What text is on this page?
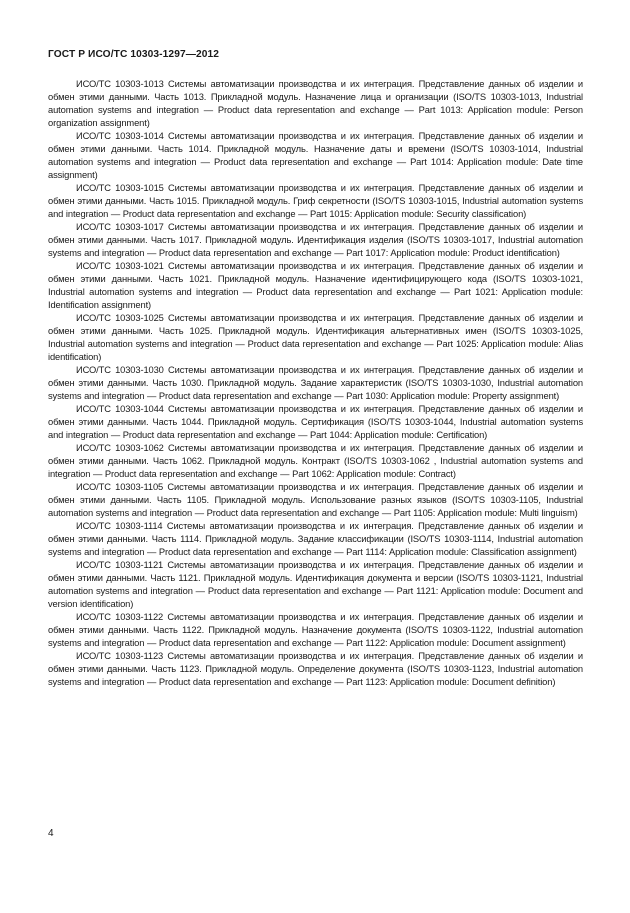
ГОСТ Р ИСО/ТС 10303-1297—2012

ИСО/ТС 10303-1013 Системы автоматизации производства и их интеграция. Представление данных об изделии и обмен этими данными. Часть 1013. Прикладной модуль. Назначение лица и организации (ISO/TS 10303-1013, Industrial automation systems and integration — Product data representation and exchange — Part 1013: Application module: Person organization assignment)

ИСО/ТС 10303-1014 Системы автоматизации производства и их интеграция. Представление данных об изделии и обмен этими данными. Часть 1014. Прикладной модуль. Назначение даты и времени (ISO/TS 10303-1014, Industrial automation systems and integration — Product data representation and exchange — Part 1014: Application module: Date time assignment)

ИСО/ТС 10303-1015 Системы автоматизации производства и их интеграция. Представление данных об изделии и обмен этими данными. Часть 1015. Прикладной модуль. Гриф секретности (ISO/TS 10303-1015, Industrial automation systems and integration — Product data representation and exchange — Part 1015: Application module: Security classification)

ИСО/ТС 10303-1017 Системы автоматизации производства и их интеграция. Представление данных об изделии и обмен этими данными. Часть 1017. Прикладной модуль. Идентификация изделия (ISO/TS 10303-1017, Industrial automation systems and integration — Product data representation and exchange — Part 1017: Application module: Product identification)

ИСО/ТС 10303-1021 Системы автоматизации производства и их интеграция. Представление данных об изделии и обмен этими данными. Часть 1021. Прикладной модуль. Назначение идентифицирующего кода (ISO/TS 10303-1021, Industrial automation systems and integration — Product data representation and exchange — Part 1021: Application module: Identification assignment)

ИСО/ТС 10303-1025 Системы автоматизации производства и их интеграция. Представление данных об изделии и обмен этими данными. Часть 1025. Прикладной модуль. Идентификация альтернативных имен (ISO/TS 10303-1025, Industrial automation systems and integration — Product data representation and exchange — Part 1025: Application module: Alias identification)

ИСО/ТС 10303-1030 Системы автоматизации производства и их интеграция. Представление данных об изделии и обмен этими данными. Часть 1030. Прикладной модуль. Задание характеристик (ISO/TS 10303-1030, Industrial automation systems and integration — Product data representation and exchange — Part 1030: Application module: Property assignment)

ИСО/ТС 10303-1044 Системы автоматизации производства и их интеграция. Представление данных об изделии и обмен этими данными. Часть 1044. Прикладной модуль. Сертификация (ISO/TS 10303-1044, Industrial automation systems and integration — Product data representation and exchange — Part 1044: Application module: Certification)

ИСО/ТС 10303-1062 Системы автоматизации производства и их интеграция. Представление данных об изделии и обмен этими данными. Часть 1062. Прикладной модуль. Контракт (ISO/TS 10303-1062 , Industrial automation systems and integration — Product data representation and exchange — Part 1062: Application module: Contract)

ИСО/ТС 10303-1105 Системы автоматизации производства и их интеграция. Представление данных об изделии и обмен этими данными. Часть 1105. Прикладной модуль. Использование разных языков (ISO/TS 10303-1105, Industrial automation systems and integration — Product data representation and exchange — Part 1105: Application module: Multi linguism)

ИСО/ТС 10303-1114 Системы автоматизации производства и их интеграция. Представление данных об изделии и обмен этими данными. Часть 1114. Прикладной модуль. Задание классификации (ISO/TS 10303-1114, Industrial automation systems and integration — Product data representation and exchange — Part 1114: Application module: Classification assignment)

ИСО/ТС 10303-1121 Системы автоматизации производства и их интеграция. Представление данных об изделии и обмен этими данными. Часть 1121. Прикладной модуль. Идентификация документа и версии (ISO/TS 10303-1121, Industrial automation systems and integration — Product data representation and exchange — Part 1121: Application module: Document and version identification)

ИСО/ТС 10303-1122 Системы автоматизации производства и их интеграция. Представление данных об изделии и обмен этими данными. Часть 1122. Прикладной модуль. Назначение документа (ISO/TS 10303-1122, Industrial automation systems and integration — Product data representation and exchange — Part 1122: Application module: Document assignment)

ИСО/ТС 10303-1123 Системы автоматизации производства и их интеграция. Представление данных об изделии и обмен этими данными. Часть 1123. Прикладной модуль. Определение документа (ISO/TS 10303-1123, Industrial automation systems and integration — Product data representation and exchange — Part 1123: Application module: Document definition)

4
